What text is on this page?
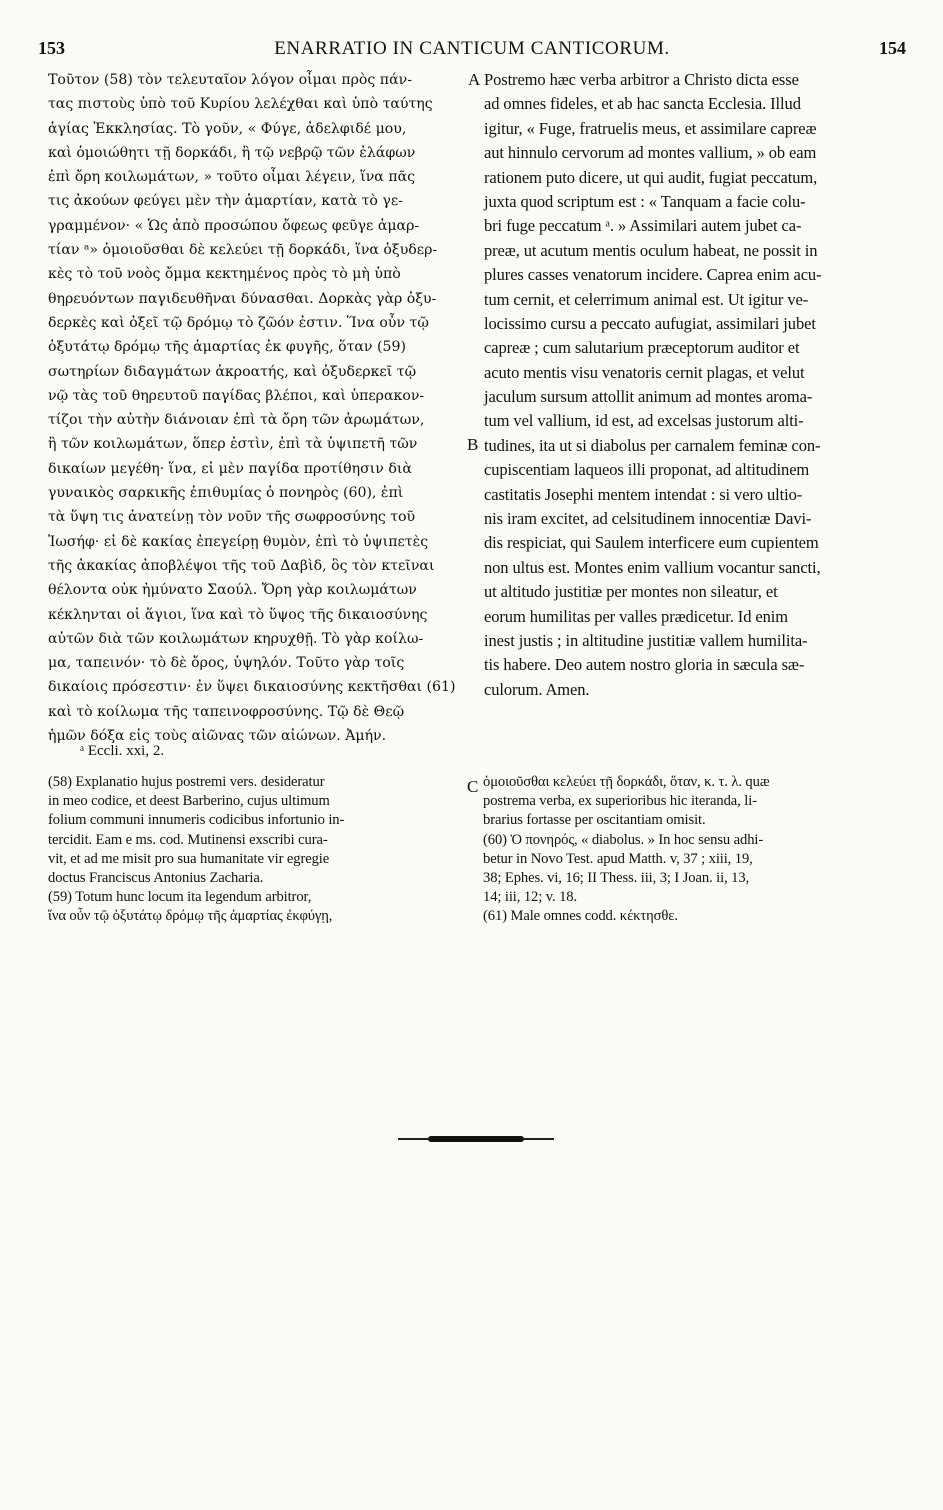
153	ENARRATIO IN CANTICUM CANTICORUM.	154
Τοῦτον (58) τὸν τελευταῖον λόγον οἶμαι πρὸς πάν-
τας πιστοὺς ὑπὸ τοῦ Κυρίου λελέχθαι καὶ ὑπὸ ταύτης
ἁγίας Ἐκκλησίας. Τὸ γοῦν, « Φύγε, ἀδελφιδέ μου,
καὶ ὁμοιώθητι τῇ δορκάδι, ἢ τῷ νεβρῷ τῶν ἐλάφων
ἐπὶ ὄρη κοιλωμάτων, » τοῦτο οἶμαι λέγειν, ἵνα πᾶς
τις ἀκούων φεύγει μὲν τὴν ἁμαρτίαν, κατὰ τὸ γε-
γραμμένον· « Ὡς ἀπὸ προσώπου ὄφεως φεῦγε ἁμαρ-
τίαν ᵃ» ὁμοιοῦσθαι δὲ κελεύει τῇ δορκάδι, ἵνα ὀξυδερ-
κὲς τὸ τοῦ νοὸς ὄμμα κεκτημένος πρὸς τὸ μὴ ὑπὸ
θηρευόντων παγιδευθῆναι δύνασθαι. Δορκὰς γὰρ ὀξυ-
δερκὲς καὶ ὀξεῖ τῷ δρόμῳ τὸ ζῶόν ἐστιν. Ἵνα οὖν τῷ
ὀξυτάτῳ δρόμῳ τῆς ἁμαρτίας ἐκ φυγῆς, ὅταν (59)
σωτηρίων διδαγμάτων ἀκροατής, καὶ ὀξυδερκεῖ τῷ
νῷ τὰς τοῦ θηρευτοῦ παγίδας βλέποι, καὶ ὑπερακον-
τίζοι τὴν αὐτὴν διάνοιαν ἐπὶ τὰ ὄρη τῶν ἀρωμάτων,
ἢ τῶν κοιλωμάτων, ὅπερ ἐστὶν, ἐπὶ τὰ ὑψιπετῆ τῶν
δικαίων μεγέθη· ἵνα, εἰ μὲν παγίδα προτίθησιν διὰ
γυναικὸς σαρκικῆς ἐπιθυμίας ὁ πονηρὸς (60), ἐπὶ
τὰ ὕψη τις ἀνατείνῃ τὸν νοῦν τῆς σωφροσύνης τοῦ
Ἰωσήφ· εἰ δὲ κακίας ἐπεγείρῃ θυμὸν, ἐπὶ τὸ ὑψιπετὲς
τῆς ἀκακίας ἀποβλέψοι τῆς τοῦ Δαβὶδ, ὃς τὸν κτεῖναι
θέλοντα οὐκ ἠμύνατο Σαούλ. Ὄρη γὰρ κοιλωμάτων
κέκληνται οἱ ἅγιοι, ἵνα καὶ τὸ ὕψος τῆς δικαιοσύνης
αὐτῶν διὰ τῶν κοιλωμάτων κηρυχθῇ. Τὸ γὰρ κοίλω-
μα, ταπεινόν· τὸ δὲ ὄρος, ὑψηλόν. Τοῦτο γὰρ τοῖς
δικαίοις πρόσεστιν· ἐν ὕψει δικαιοσύνης κεκτῆσθαι (61)
καὶ τὸ κοίλωμα τῆς ταπεινοφροσύνης. Τῷ δὲ Θεῷ
ἡμῶν δόξα εἰς τοὺς αἰῶνας τῶν αἰώνων. Ἀμήν.
Postremo hæc verba arbitror a Christo dicta esse
ad omnes fideles, et ab hac sancta Ecclesia. Illud
igitur, « Fuge, fratruelis meus, et assimilare capreæ
aut hinnulo cervorum ad montes vallium, » ob eam
rationem puto dicere, ut qui audit, fugiat peccatum,
juxta quod scriptum est : « Tanquam a facie colu-
bri fuge peccatum ᵃ. » Assimilari autem jubet ca-
preæ, ut acutum mentis oculum habeat, ne possit in
plures casses venatorum incidere. Caprea enim acu-
tum cernit, et celerrimum animal est. Ut igitur ve-
locissimo cursu a peccato aufugiat, assimilari jubet
capreæ ; cum salutarium præceptorum auditor et
acuto mentis visu venatoris cernit plagas, et velut
jaculum sursum attollit animum ad montes aroma-
tum vel vallium, id est, ad excelsas justorum alti-
tudines, ita ut si diabolus per carnalem feminæ con-
cupiscentiam laqueos illi proponat, ad altitudinem
castitatis Josephi mentem intendat : si vero ultio-
nis iram excitet, ad celsitudinem innocentiæ Davi-
dis respiciat, qui Saulem interficere eum cupientem
non ultus est. Montes enim vallium vocantur sancti,
ut altitudo justitiæ per montes non sileatur, et
eorum humilitas per valles prædicetur. Id enim
inest justis ; in altitudine justitiæ vallem humilita-
tis habere. Deo autem nostro gloria in sæcula sæ-
culorum. Amen.
A
B
C
ᵃ Eccli. xxi, 2.
(58) Explanatio hujus postremi vers. desideratur
in meo codice, et deest Barberino, cujus ultimum
folium communi innumeris codicibus infortunio in-
tercidit. Eam e ms. cod. Mutinensi exscribi cura-
vit, et ad me misit pro sua humanitate vir egregie
doctus Franciscus Antonius Zacharia.
(59) Totum hunc locum ita legendum arbitror,
ἵνα οὖν τῷ ὀξυτάτῳ δρόμῳ τῆς ἁμαρτίας ἐκφύγῃ,
ὁμοιοῦσθαι κελεύει τῇ δορκάδι, ὅταν, κ. τ. λ. quæ
postrema verba, ex superioribus hic iteranda, li-
brarius fortasse per oscitantiam omisit.
(60) Ὁ πονηρός, « diabolus. » In hoc sensu adhi-
betur in Novo Test. apud Matth. v, 37 ; xiii, 19,
38; Ephes. vi, 16; II Thess. iii, 3; I Joan. ii, 13,
14; iii, 12; v. 18.
(61) Male omnes codd. κέκτησθε.
